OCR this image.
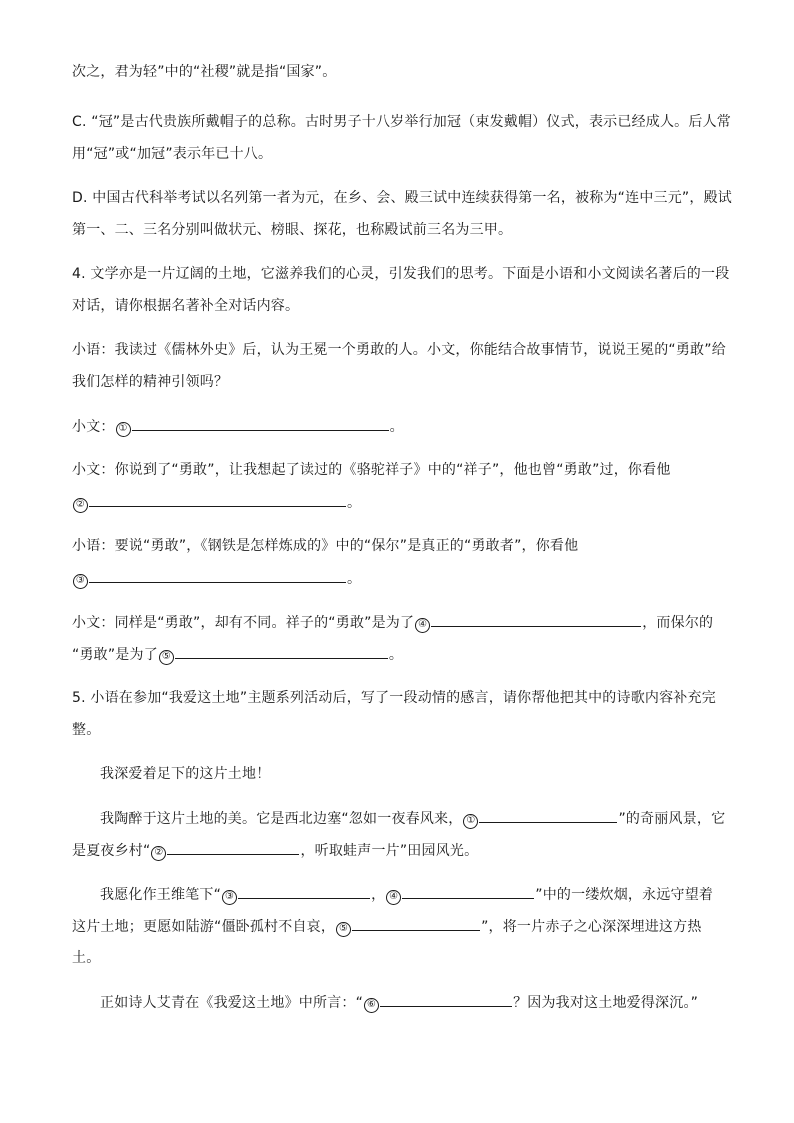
次之，君为轻”中的“社稷”就是指“国家”。
C. “冠”是古代贵族所戴帽子的总称。古时男子十八岁举行加冠（束发戴帽）仪式，表示已经成人。后人常
用“冠”或“加冠”表示年已十八。
D. 中国古代科举考试以名列第一者为元，在乡、会、殿三试中连续获得第一名，被称为“连中三元”，殿试
第一、二、三名分别叫做状元、榜眼、探花，也称殿试前三名为三甲。
4. 文学亦是一片辽阔的土地，它滋养我们的心灵，引发我们的思考。下面是小语和小文阅读名著后的一段
对话，请你根据名著补全对话内容。
小语：我读过《儒林外史》后，认为王冕一个勇敢的人。小文，你能结合故事情节，说说王冕的“勇敢”给
我们怎样的精神引领吗？
小文： ①	。
小文：你说到了“勇敢”，让我想起了读过的《骆驼祥子》中的“祥子”，他也曾“勇敢”过，你看他
②	。
小语：要说“勇敢”，《钢铁是怎样炼成的》中的“保尔”是真正的“勇敢者”，你看他
③	。
小文：同样是“勇敢”，却有不同。祥子的“勇敢”是为了 ④	，而保尔的
“勇敢”是为了 ⑤	。
5. 小语在参加“我爱这土地”主题系列活动后，写了一段动情的感言，请你帮他把其中的诗歌内容补充完
整。
我深爱着足下的这片土地！
我陶醉于这片土地的美。它是西北边塞“忽如一夜春风来， ①	”的奇丽风景，它
是夏夜乡村“ ②	，听取蛙声一片”田园风光。
我愿化作王维笔下“ ③	， ④	”中的一缕炊烟，永远守望着
这片土地；更愿如陆游“僵卧孤村不自哀， ⑤	”，将一片赤子之心深深埋进这方热
土。
正如诗人艾青在《我爱这土地》中所言：“ ⑥	？因为我对这土地爱得深沉。”
